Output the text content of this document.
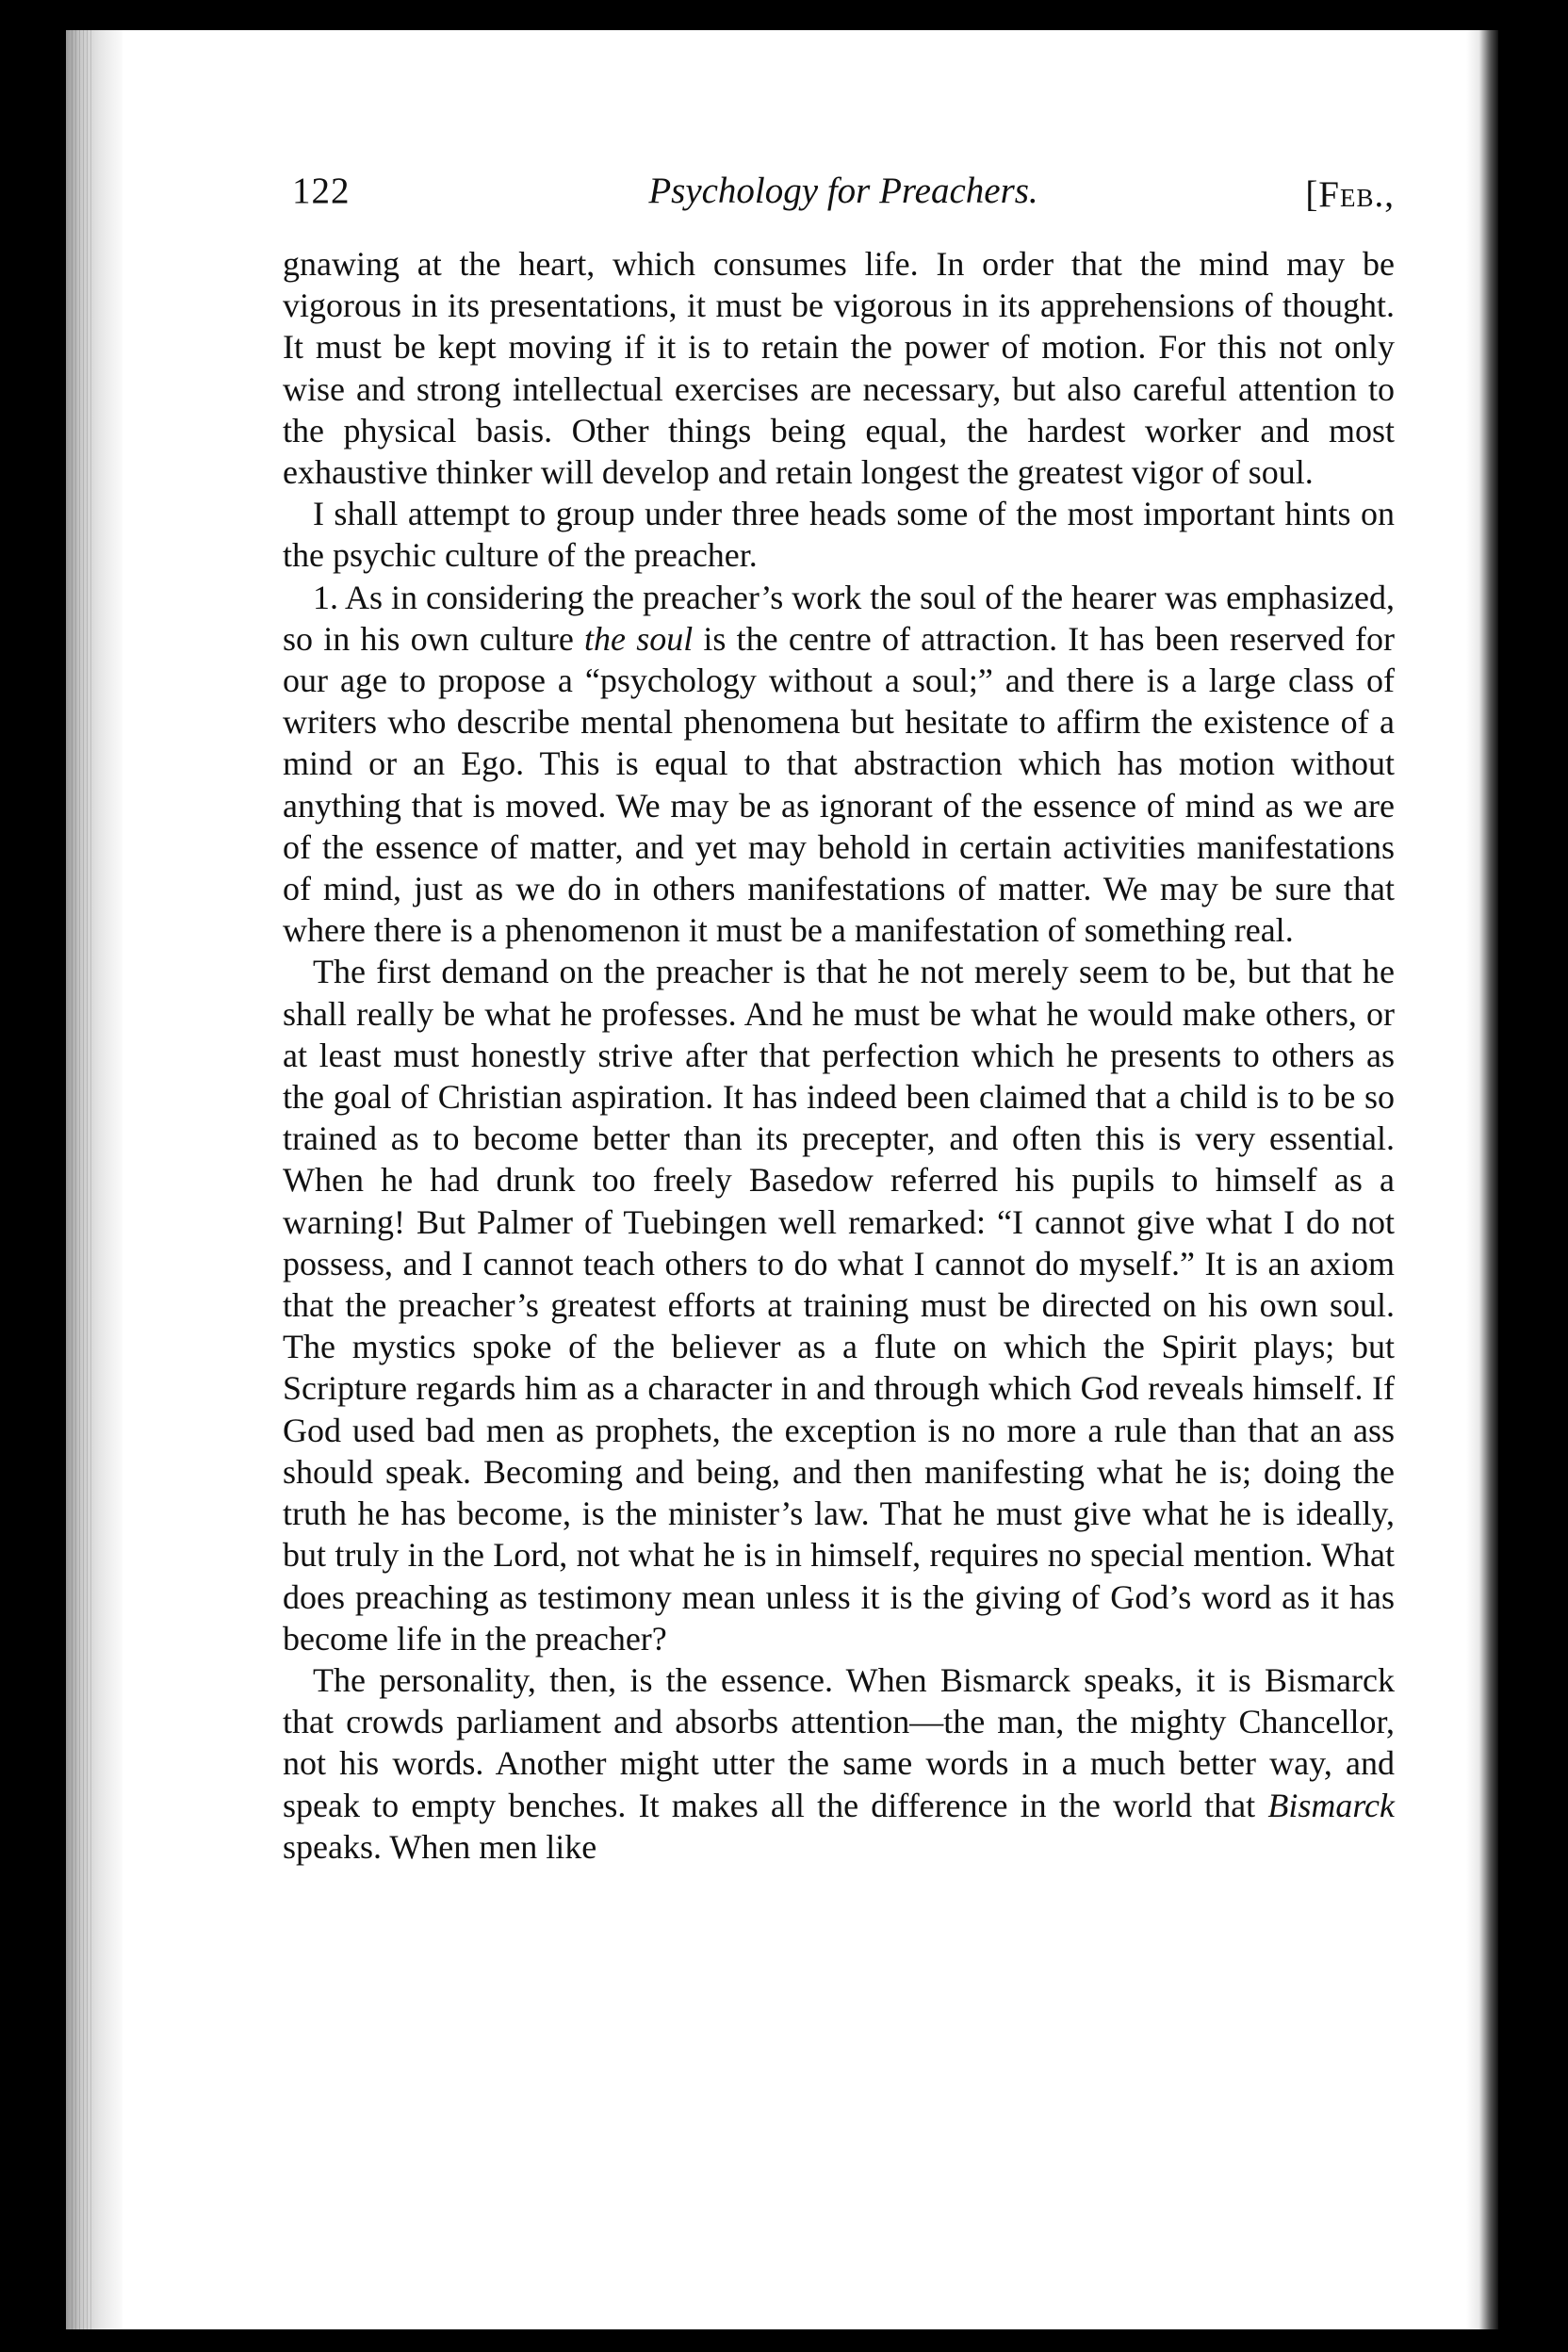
122	Psychology for Preachers.	[Feb.,

gnawing at the heart, which consumes life. In order that the mind may be vigorous in its presentations, it must be vigorous in its apprehensions of thought. It must be kept moving if it is to retain the power of motion. For this not only wise and strong intellectual exercises are necessary, but also careful attention to the physical basis. Other things being equal, the hardest worker and most exhaustive thinker will develop and retain longest the greatest vigor of soul.

I shall attempt to group under three heads some of the most important hints on the psychic culture of the preacher.

1. As in considering the preacher’s work the soul of the hearer was emphasized, so in his own culture the soul is the centre of attraction. It has been reserved for our age to propose a “psychology without a soul;” and there is a large class of writers who describe mental phenomena but hesitate to affirm the existence of a mind or an Ego. This is equal to that abstraction which has motion without anything that is moved. We may be as ignorant of the essence of mind as we are of the essence of matter, and yet may behold in certain activities manifestations of mind, just as we do in others manifestations of matter. We may be sure that where there is a phenomenon it must be a manifestation of something real.

The first demand on the preacher is that he not merely seem to be, but that he shall really be what he professes. And he must be what he would make others, or at least must honestly strive after that perfection which he presents to others as the goal of Christian aspiration. It has indeed been claimed that a child is to be so trained as to become better than its precepter, and often this is very essential. When he had drunk too freely Basedow referred his pupils to himself as a warning! But Palmer of Tuebingen well remarked: “I cannot give what I do not possess, and I cannot teach others to do what I cannot do myself.” It is an axiom that the preacher’s greatest efforts at training must be directed on his own soul. The mystics spoke of the believer as a flute on which the Spirit plays; but Scripture regards him as a character in and through which God reveals himself. If God used bad men as prophets, the exception is no more a rule than that an ass should speak. Becoming and being, and then manifesting what he is; doing the truth he has become, is the minister’s law. That he must give what he is ideally, but truly in the Lord, not what he is in himself, requires no special mention. What does preaching as testimony mean unless it is the giving of God’s word as it has become life in the preacher?

The personality, then, is the essence. When Bismarck speaks, it is Bismarck that crowds parliament and absorbs attention—the man, the mighty Chancellor, not his words. Another might utter the same words in a much better way, and speak to empty benches. It makes all the difference in the world that Bismarck speaks. When men like
